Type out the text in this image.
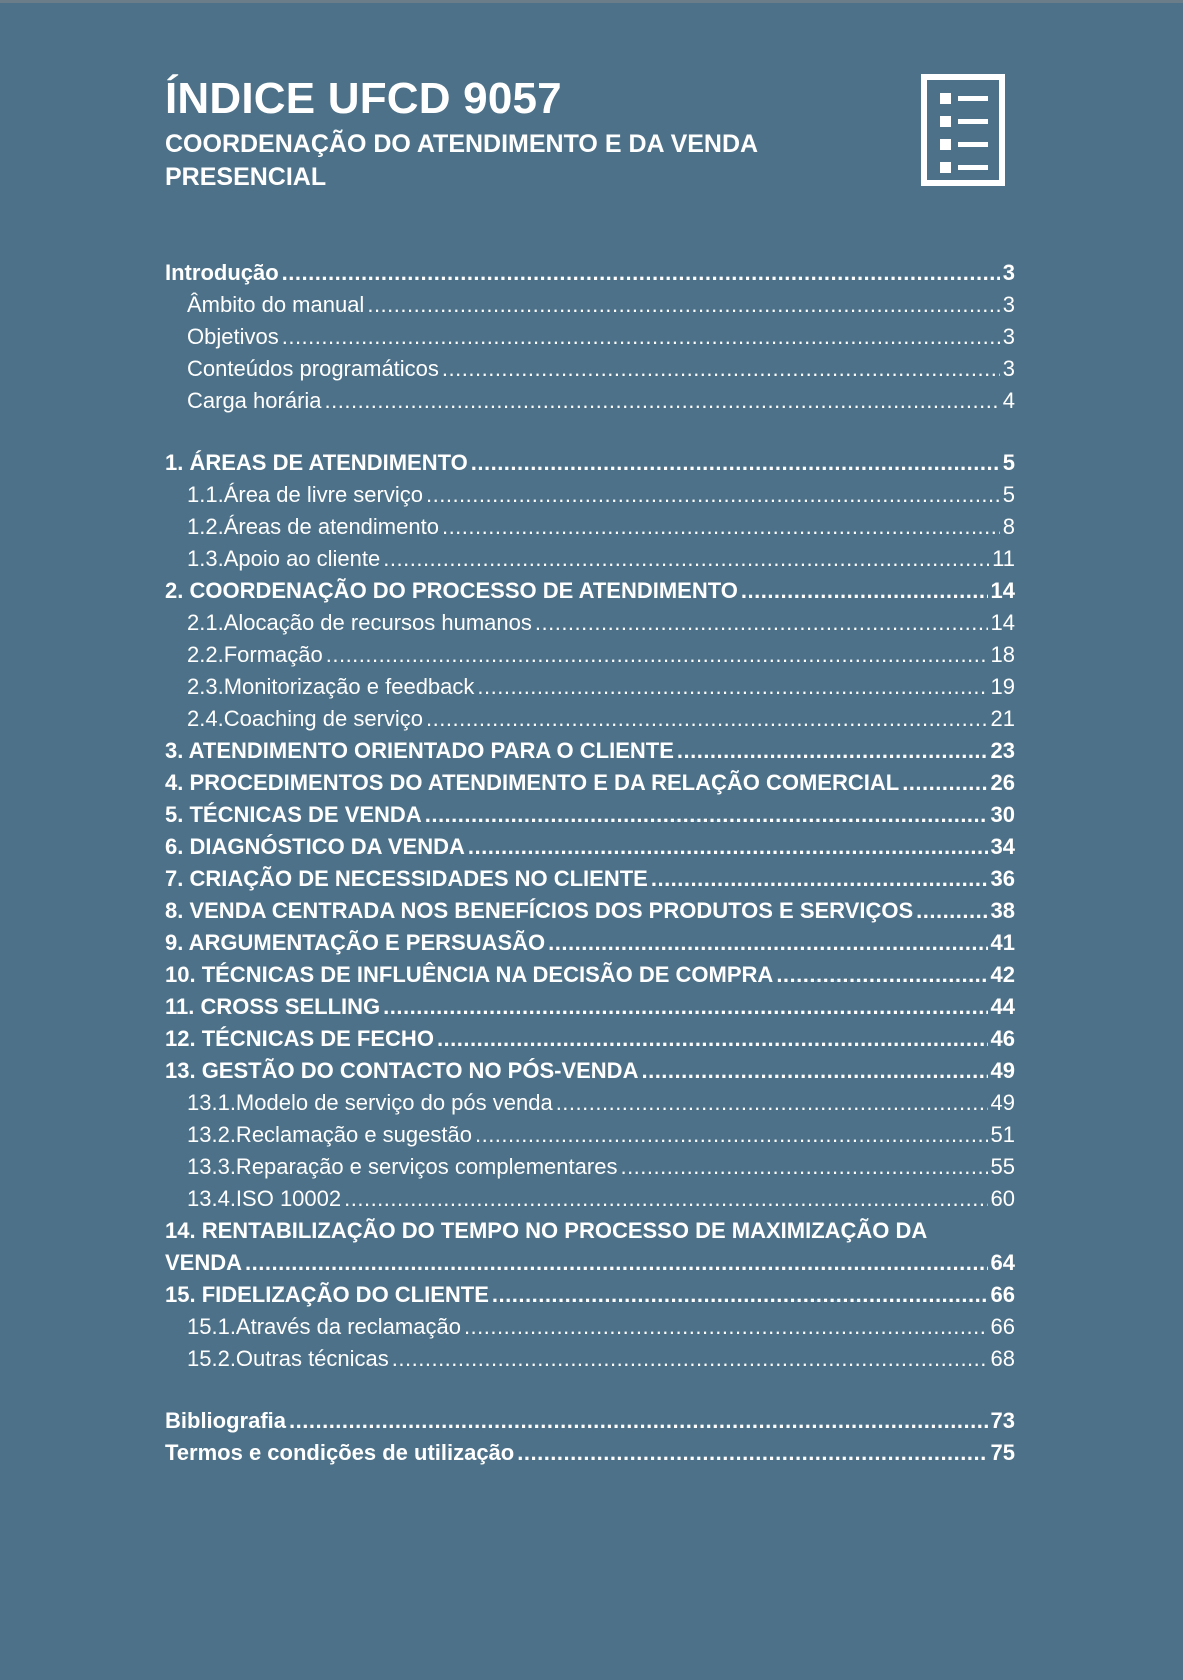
ÍNDICE UFCD 9057
COORDENAÇÃO DO ATENDIMENTO E DA VENDA PRESENCIAL
Introdução .....	3
Âmbito do manual .....	3
Objetivos .....	3
Conteúdos programáticos .....	3
Carga horária .....	4
1. ÁREAS DE ATENDIMENTO .....	5
1.1.Área de livre serviço .....	5
1.2.Áreas de atendimento .....	8
1.3.Apoio ao cliente .....	11
2. COORDENAÇÃO DO PROCESSO DE ATENDIMENTO .....	14
2.1.Alocação de recursos humanos .....	14
2.2.Formação .....	18
2.3.Monitorização e feedback .....	19
2.4.Coaching de serviço .....	21
3. ATENDIMENTO ORIENTADO PARA O CLIENTE .....	23
4. PROCEDIMENTOS DO ATENDIMENTO E DA RELAÇÃO COMERCIAL .....	26
5. TÉCNICAS DE VENDA .....	30
6. DIAGNÓSTICO DA VENDA .....	34
7. CRIAÇÃO DE NECESSIDADES NO CLIENTE .....	36
8. VENDA CENTRADA NOS BENEFÍCIOS DOS PRODUTOS E SERVIÇOS .....	38
9. ARGUMENTAÇÃO E PERSUASÃO .....	41
10. TÉCNICAS DE INFLUÊNCIA NA DECISÃO DE COMPRA .....	42
11. CROSS SELLING .....	44
12. TÉCNICAS DE FECHO .....	46
13. GESTÃO DO CONTACTO NO PÓS-VENDA .....	49
13.1.Modelo de serviço do pós venda .....	49
13.2.Reclamação e sugestão .....	51
13.3.Reparação e serviços complementares .....	55
13.4.ISO 10002 .....	60
14. RENTABILIZAÇÃO DO TEMPO NO PROCESSO DE MAXIMIZAÇÃO DA
VENDA .....	64
15. FIDELIZAÇÃO DO CLIENTE .....	66
15.1.Através da reclamação .....	66
15.2.Outras técnicas .....	68
Bibliografia .....	73
Termos e condições de utilização .....	75
